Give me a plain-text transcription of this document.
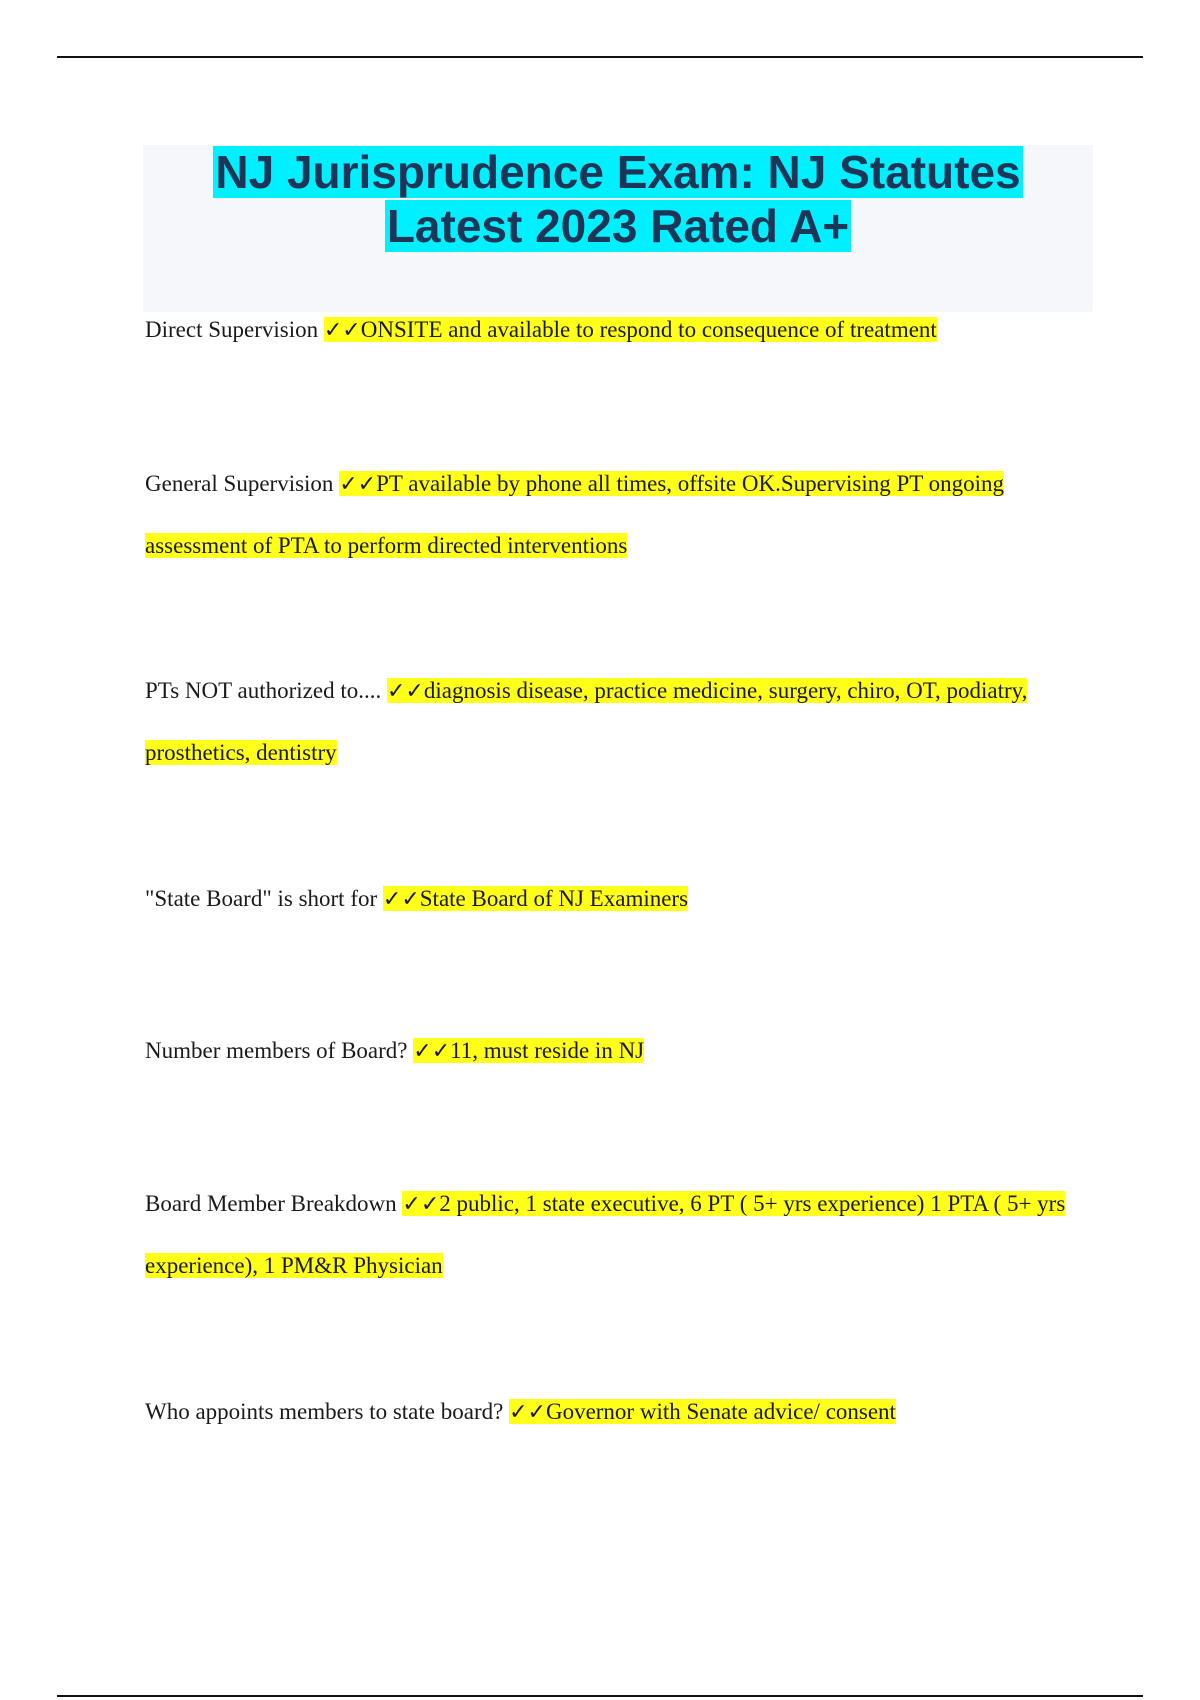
NJ Jurisprudence Exam: NJ Statutes
Latest 2023 Rated A+

Direct Supervision ✓✓ONSITE and available to respond to consequence of treatment

General Supervision ✓✓PT available by phone all times, offsite OK.Supervising PT ongoing assessment of PTA to perform directed interventions

PTs NOT authorized to.... ✓✓diagnosis disease, practice medicine, surgery, chiro, OT, podiatry, prosthetics, dentistry

"State Board" is short for ✓✓State Board of NJ Examiners

Number members of Board? ✓✓11, must reside in NJ

Board Member Breakdown ✓✓2 public, 1 state executive, 6 PT ( 5+ yrs experience) 1 PTA ( 5+ yrs experience), 1 PM&R Physician

Who appoints members to state board? ✓✓Governor with Senate advice/ consent
